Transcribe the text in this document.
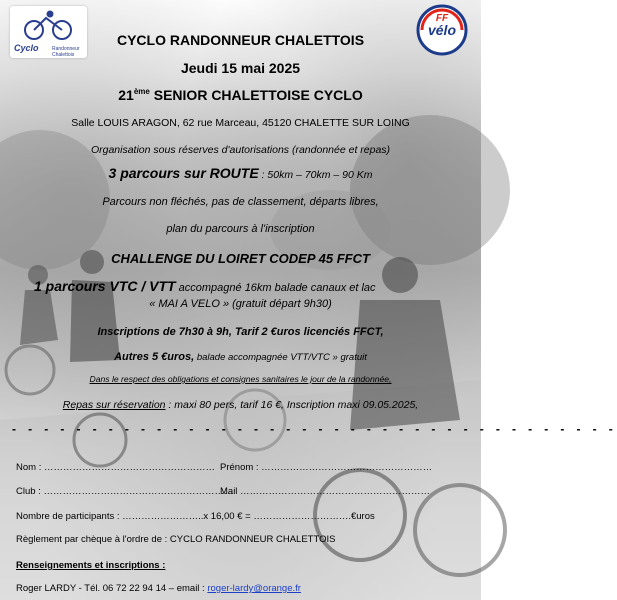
Cyclo	Randonneur Chalettois
FF
vélo
CYCLO RANDONNEUR CHALETTOIS
Jeudi 15 mai 2025
21ème SENIOR CHALETTOISE CYCLO
Salle LOUIS ARAGON, 62 rue Marceau, 45120 CHALETTE SUR LOING
Organisation sous réserves d'autorisations (randonnée et repas)
3 parcours sur ROUTE : 50km – 70km – 90 Km
Parcours non fléchés, pas de classement, départs libres,
plan du parcours à l'inscription
CHALLENGE DU LOIRET CODEP 45 FFCT
1 parcours VTC / VTT accompagné 16km balade canaux et lac
« MAI A VELO » (gratuit départ 9h30)
Inscriptions de 7h30 à 9h, Tarif 2 €uros licenciés FFCT,
Autres 5 €uros, balade accompagnée VTT/VTC » gratuit
Dans le respect des obligations et consignes sanitaires le jour de la randonnée,
Repas sur réservation : maxi 80 pers, tarif 16 €, Inscription maxi 09.05.2025,
- - - - - - - - - - - - - - - - - - - - - - - - - - - - - - - - - - - - - -
Nom : ……………………………………………… Prénom : ………………………………………………
Club : ……………………………………………………
Mail ……………………………………………………
Nombre de participants : ……………………..x 16,00 € = ………………………….€uros
Règlement par chèque à l'ordre de : CYCLO RANDONNEUR CHALETTOIS
Renseignements et inscriptions :
Roger LARDY - Tél. 06 72 22 94 14 – email : roger-lardy@orange.fr
